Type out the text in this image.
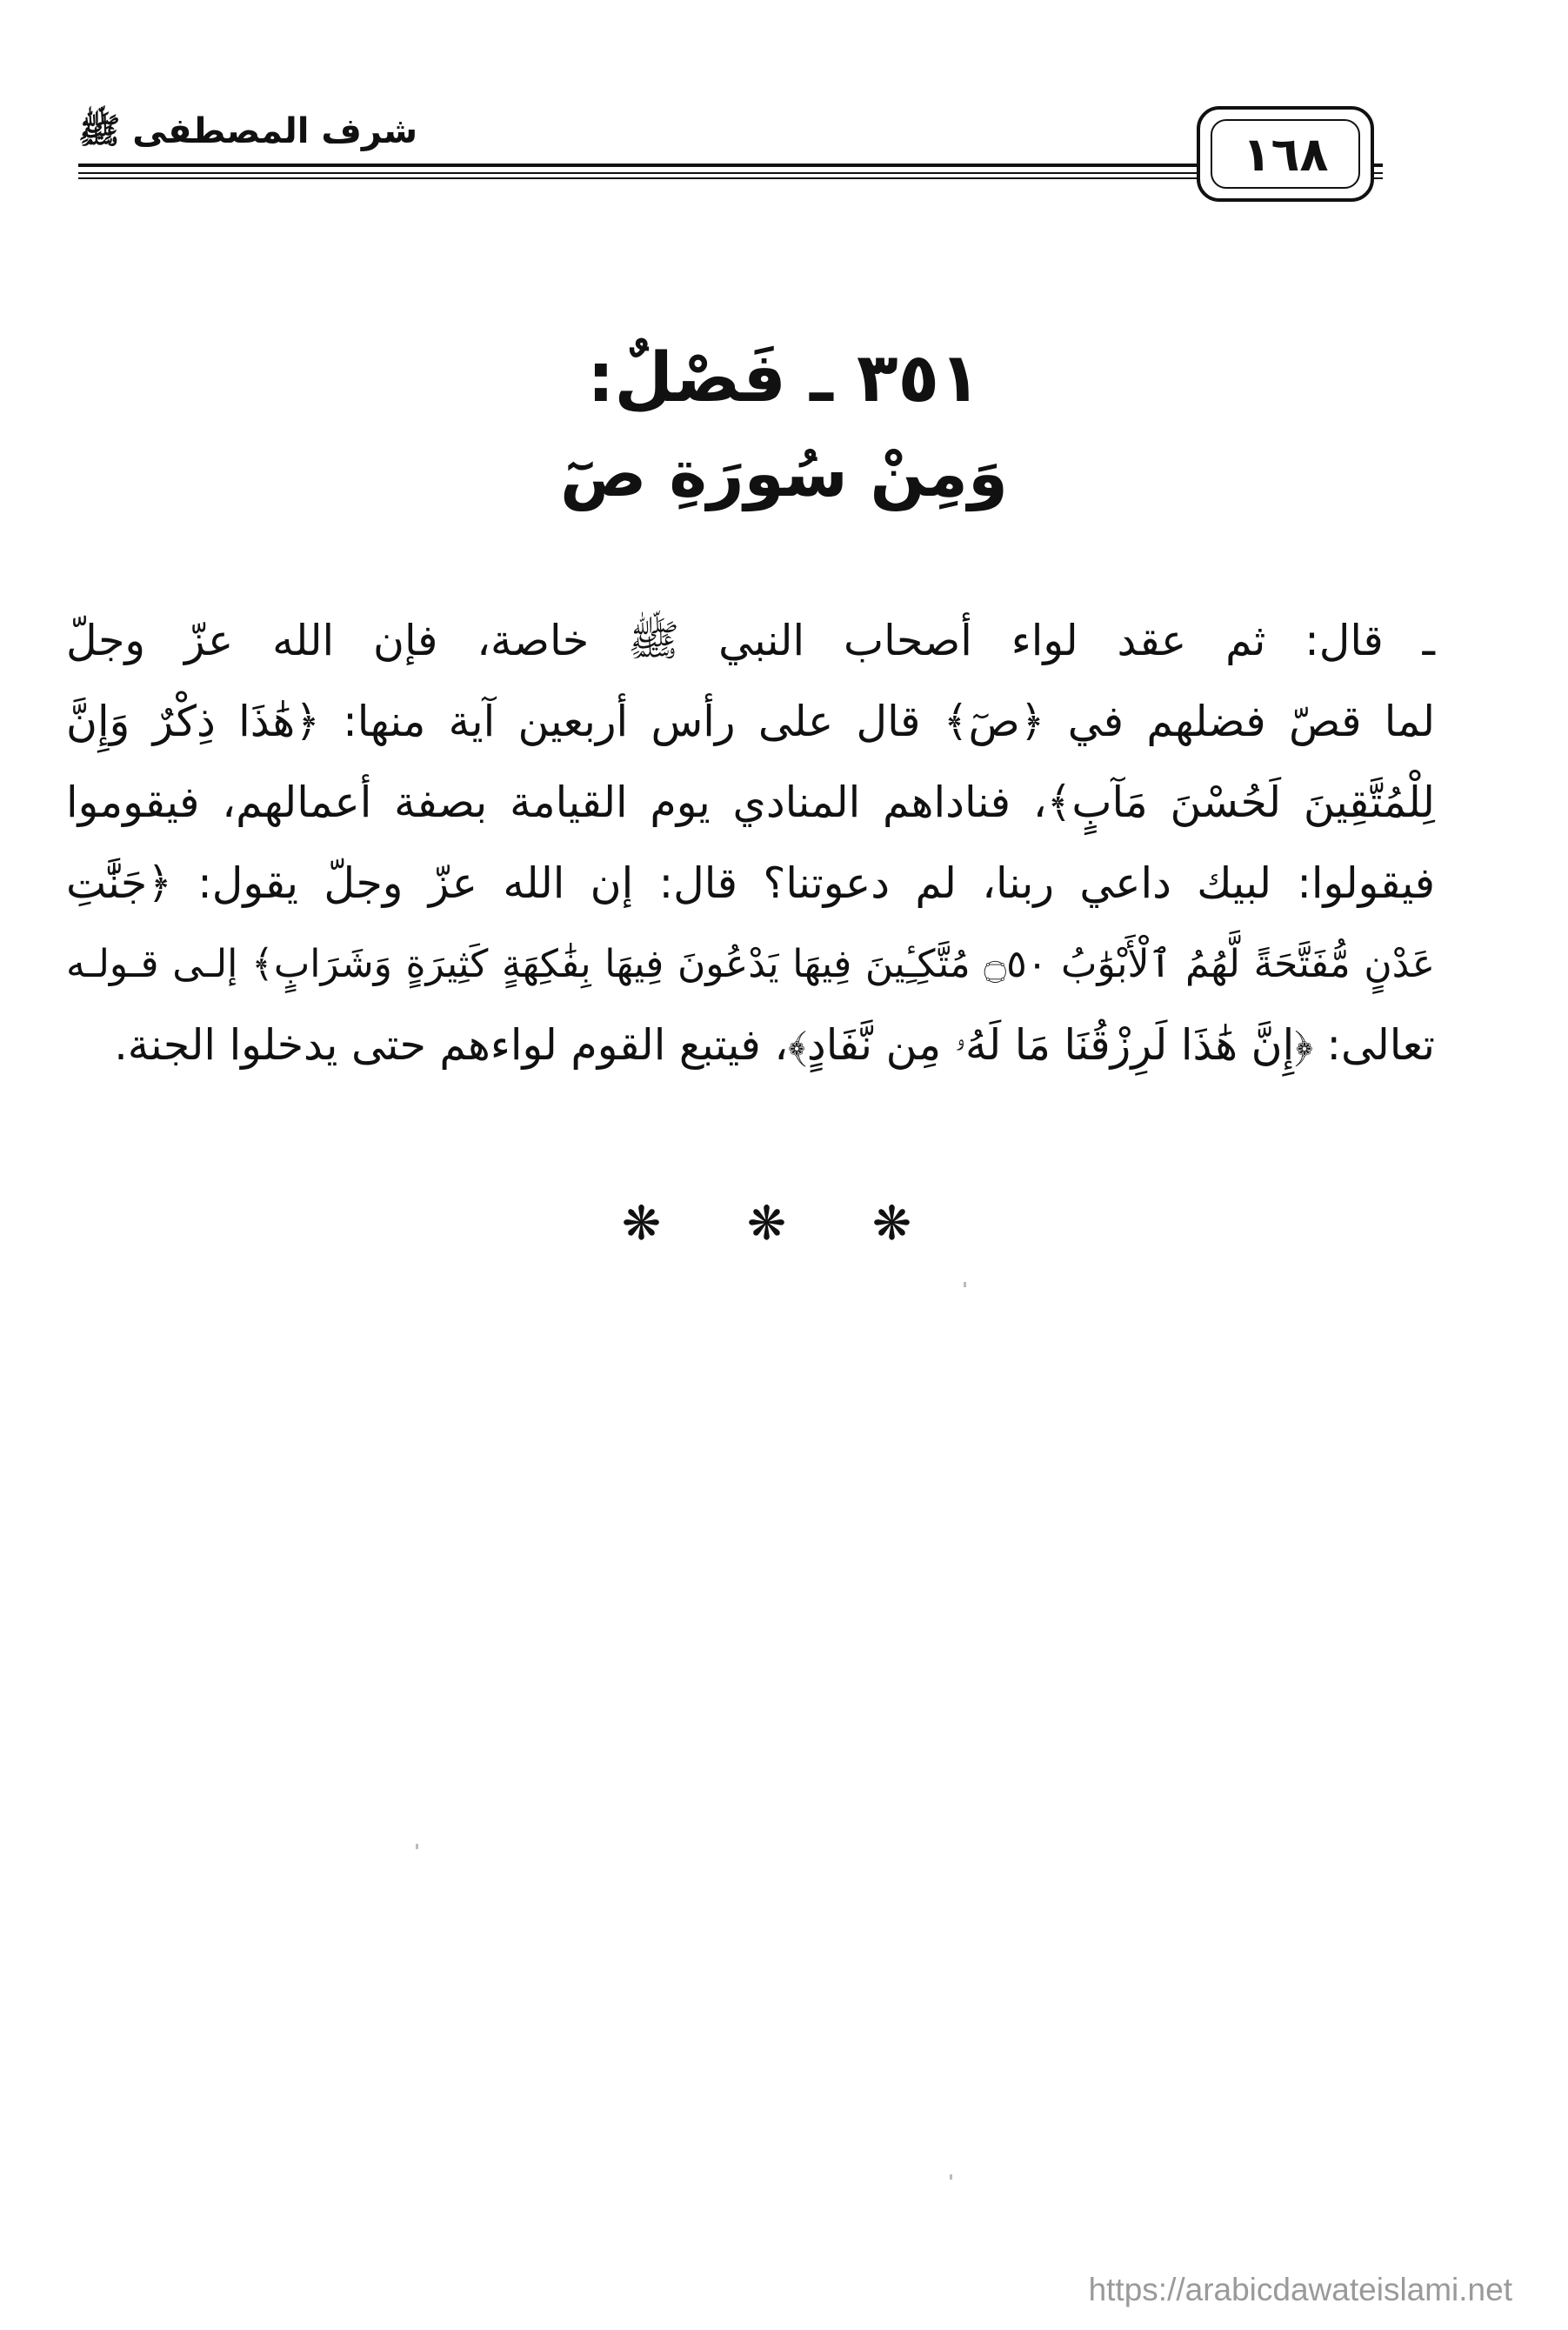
شرف المصطفى ﷺ	١٦٨
٣٥١ ـ فَصْلٌ:
وَمِنْ سُورَةِ صٓ
ـ قال: ثم عقد لواء أصحاب النبي ﷺ خاصة، فإن الله عزّ وجلّ
لما قصّ فضلهم في ﴿صٓ﴾ قال على رأس أربعين آية منها: ﴿هَٰذَا ذِكْرٌ وَإِنَّ
لِلْمُتَّقِينَ لَحُسْنَ مَآبٍ﴾، فناداهم المنادي يوم القيامة بصفة أعمالهم، فيقوموا
فيقولوا: لبيك داعي ربنا، لم دعوتنا؟ قال: إن الله عزّ وجلّ يقول: ﴿جَنَّٰتِ
عَدْنٍ مُّفَتَّحَةً لَّهُمُ ٱلْأَبْوَٰبُ ۝٥٠ مُتَّكِـِٔينَ فِيهَا يَدْعُونَ فِيهَا بِفَٰكِهَةٍ كَثِيرَةٍ وَشَرَابٍ﴾ إلـى قـولـه
تعالى: ﴿إِنَّ هَٰذَا لَرِزْقُنَا مَا لَهُۥ مِن نَّفَادٍ﴾، فيتبع القوم لواءهم حتى يدخلوا الجنة.
❋ ❋ ❋
https://arabicdawateislami.net
